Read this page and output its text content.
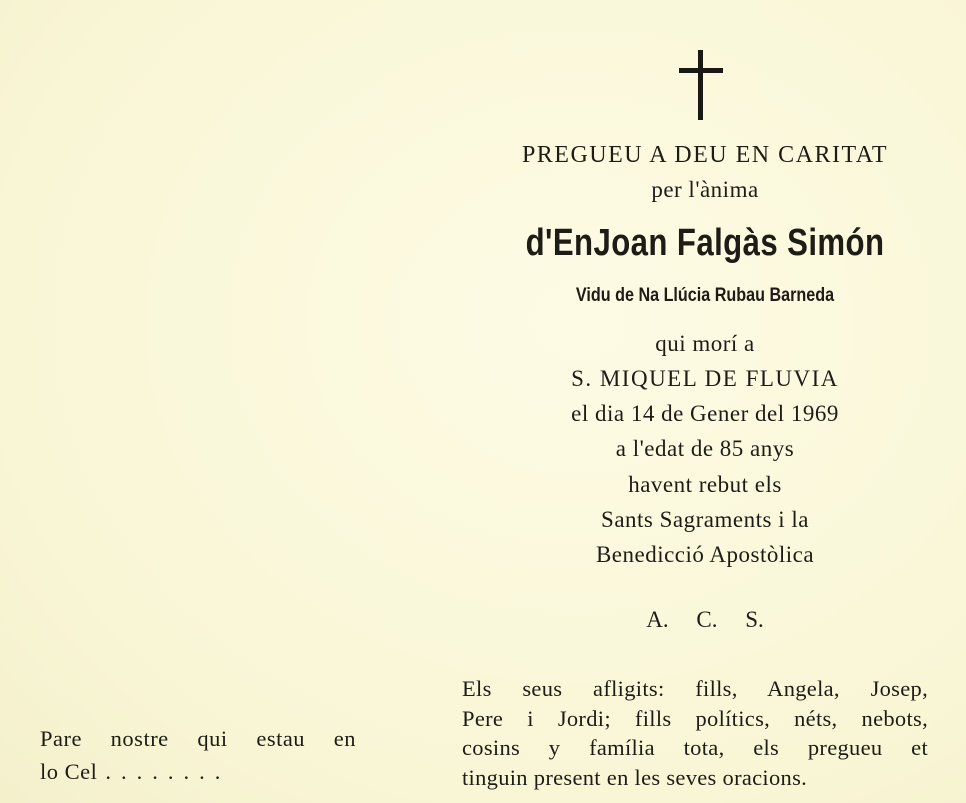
PREGUEU A DEU EN CARITAT
per l'ànima
d'EnJoan Falgàs Simón
Vidu de Na Llúcia Rubau Barneda
qui morí a
S. MIQUEL DE FLUVIA
el dia 14 de Gener del 1969
a l'edat de 85 anys
havent rebut els
Sants Sagraments i la
Benedicció Apostòlica
A. C. S.
Els seus afligits: fills, Angela, Josep,
Pere i Jordi; fills polítics, néts, nebots,
cosins y família tota, els pregueu et
tinguin present en les seves oracions.
Pare nostre qui estau en
lo Cel ........
